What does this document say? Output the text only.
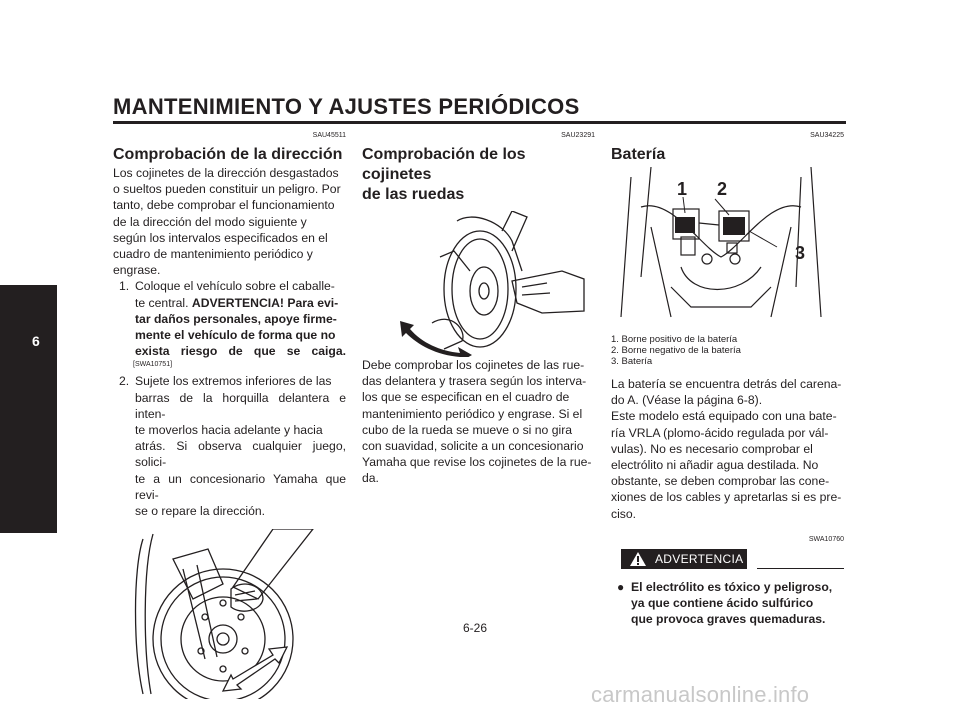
MANTENIMIENTO Y AJUSTES PERIÓDICOS
6
SAU45511
Comprobación de la dirección
Los cojinetes de la dirección desgastados
o sueltos pueden constituir un peligro. Por
tanto, debe comprobar el funcionamiento
de la dirección del modo siguiente y
según los intervalos especificados en el
cuadro de mantenimiento periódico y
engrase.
1. Coloque el vehículo sobre el caballe-
te central. ADVERTENCIA! Para evi-
tar daños personales, apoye firme-
mente el vehículo de forma que no
exista riesgo de que se caiga.
[SWA10751]
2. Sujete los extremos inferiores de las
barras de la horquilla delantera e inten-
te moverlos hacia adelante y hacia
atrás. Si observa cualquier juego, solici-
te a un concesionario Yamaha que revi-
se o repare la dirección.
SAU23291
Comprobación de los cojinetes
de las ruedas
Debe comprobar los cojinetes de las rue-
das delantera y trasera según los interva-
los que se especifican en el cuadro de
mantenimiento periódico y engrase. Si el
cubo de la rueda se mueve o si no gira
con suavidad, solicite a un concesionario
Yamaha que revise los cojinetes de la rue-
da.
SAU34225
Batería
1 2
3
1. Borne positivo de la batería
2. Borne negativo de la batería
3. Batería
La batería se encuentra detrás del carena-
do A. (Véase la página 6-8).
Este modelo está equipado con una bate-
ría VRLA (plomo-ácido regulada por vál-
vulas). No es necesario comprobar el
electrólito ni añadir agua destilada. No
obstante, se deben comprobar las cone-
xiones de los cables y apretarlas si es pre-
ciso.
SWA10760
ADVERTENCIA
● El electrólito es tóxico y peligroso,
ya que contiene ácido sulfúrico
que provoca graves quemaduras.
6-26
carmanualsonline.info
